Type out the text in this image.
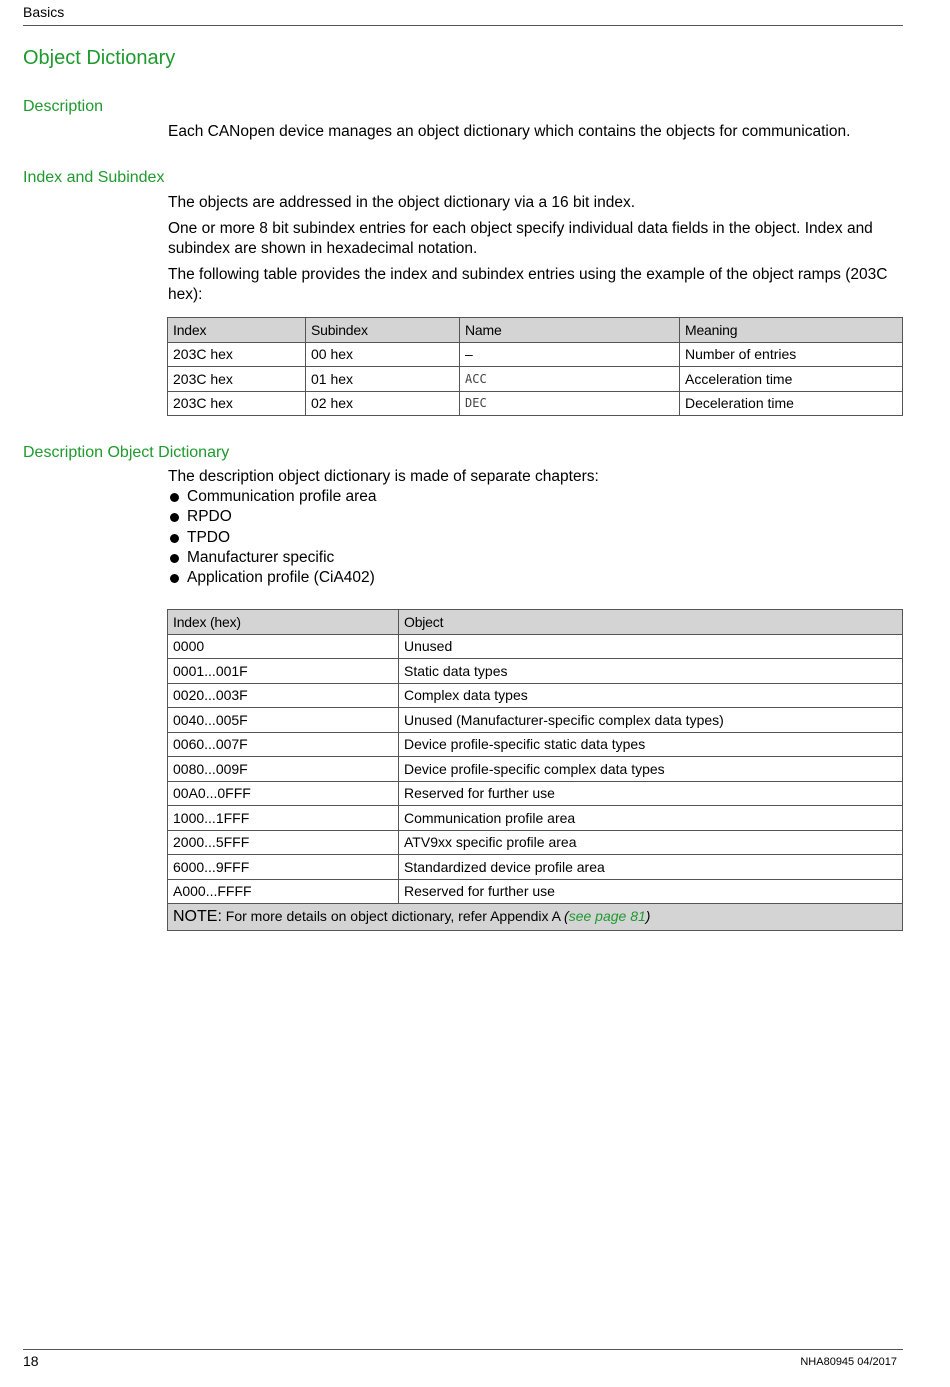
Basics
Object Dictionary
Description

Each CANopen device manages an object dictionary which contains the objects for communication.

Index and Subindex

The objects are addressed in the object dictionary via a 16 bit index.

One or more 8 bit subindex entries for each object specify individual data fields in the object. Index and subindex are shown in hexadecimal notation.

The following table provides the index and subindex entries using the example of the object ramps (203C hex):

Index	Subindex	Name	Meaning
203C hex	00 hex	–	Number of entries
203C hex	01 hex	ACC	Acceleration time
203C hex	02 hex	DEC	Deceleration time
Description Object Dictionary

The description object dictionary is made of separate chapters:

Communication profile area
RPDO
TPDO
Manufacturer specific
Application profile (CiA402)
Index (hex)	Object
0000	Unused
0001...001F	Static data types
0020...003F	Complex data types
0040...005F	Unused (Manufacturer-specific complex data types)
0060...007F	Device profile-specific static data types
0080...009F	Device profile-specific complex data types
00A0...0FFF	Reserved for further use
1000...1FFF	Communication profile area
2000...5FFF	ATV9xx specific profile area
6000...9FFF	Standardized device profile area
A000...FFFF	Reserved for further use
NOTE: For more details on object dictionary, refer Appendix A (see page 81)	
18	NHA80945 04/2017
